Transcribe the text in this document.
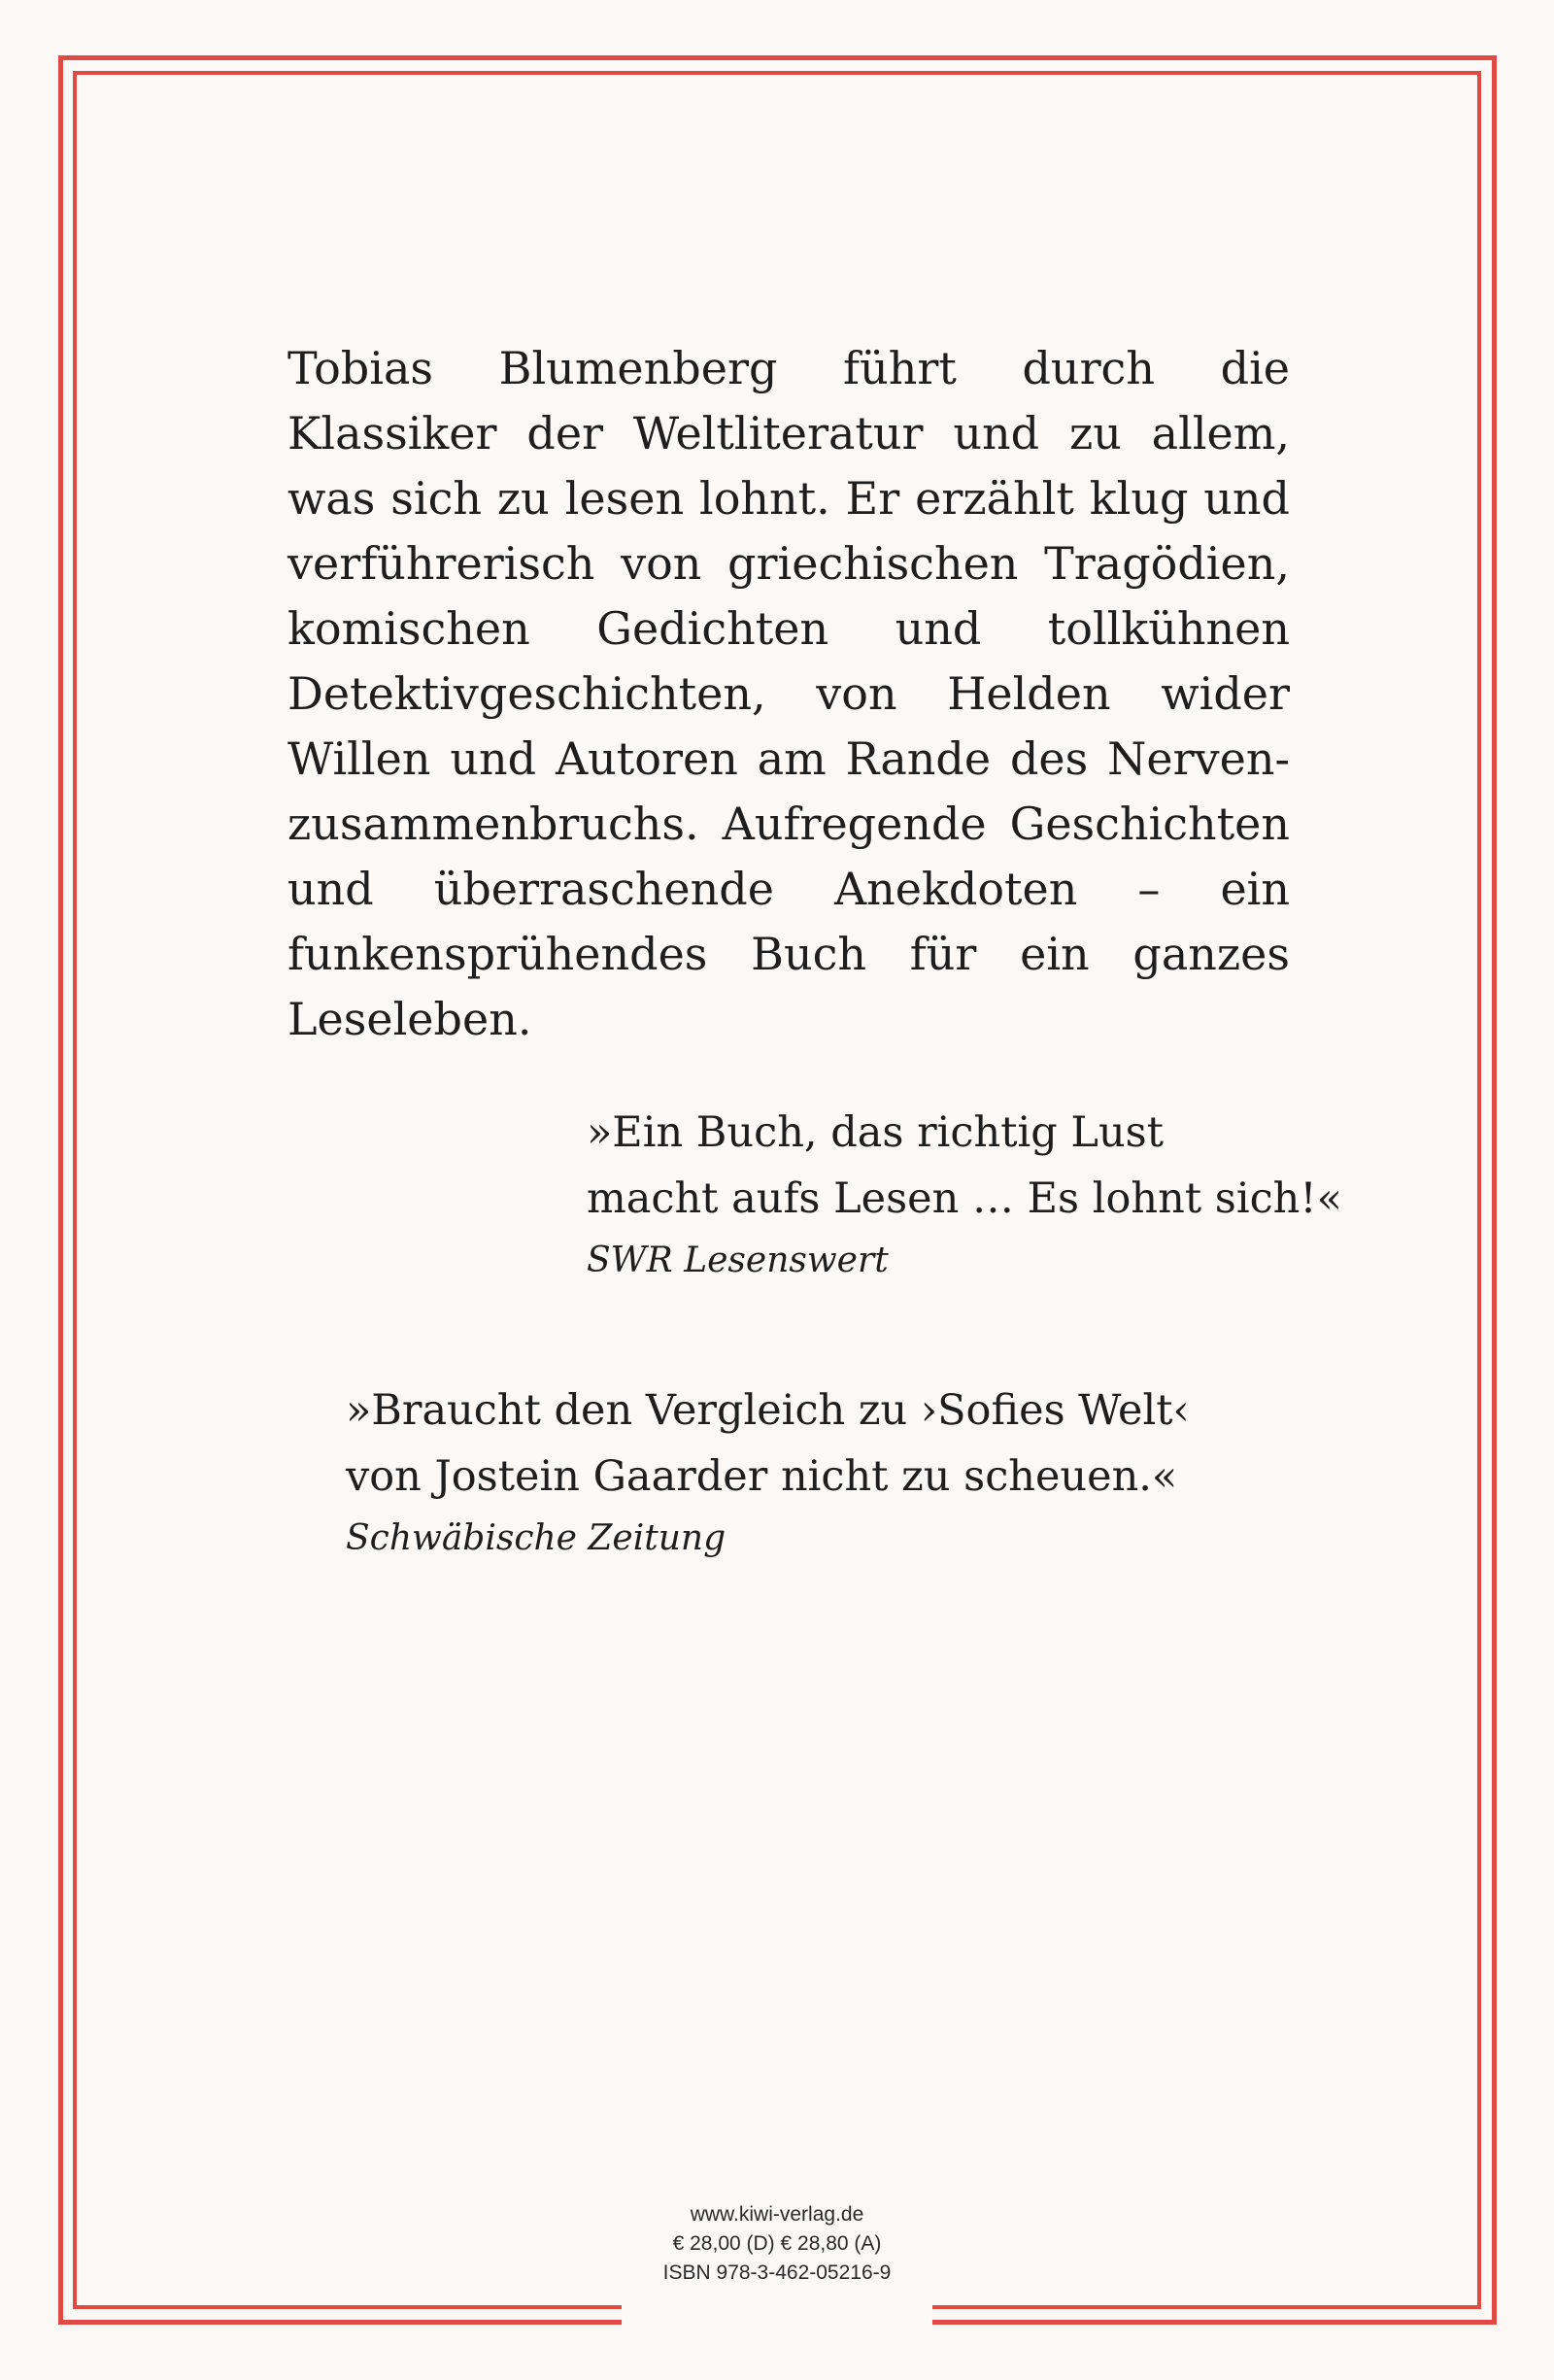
Tobias Blumenberg führt durch die Klassiker der Weltliteratur und zu allem, was sich zu lesen lohnt. Er erzählt klug und verführerisch von griechischen Tragödien, komischen Gedichten und tollkühnen Detektivgeschichten, von Helden wider Willen und Autoren am Rande des Nervenzusammenbruchs. Aufregende Geschichten und überraschende Anekdoten – ein funkensprühendes Buch für ein ganzes Leseleben.

»Ein Buch, das richtig Lust
macht aufs Lesen … Es lohnt sich!«
SWR Lesenswert
»Braucht den Vergleich zu ›Sofies Welt‹
von Jostein Gaarder nicht zu scheuen.«
Schwäbische Zeitung
www.kiwi-verlag.de
€ 28,00 (D) € 28,80 (A)
ISBN 978-3-462-05216-9
